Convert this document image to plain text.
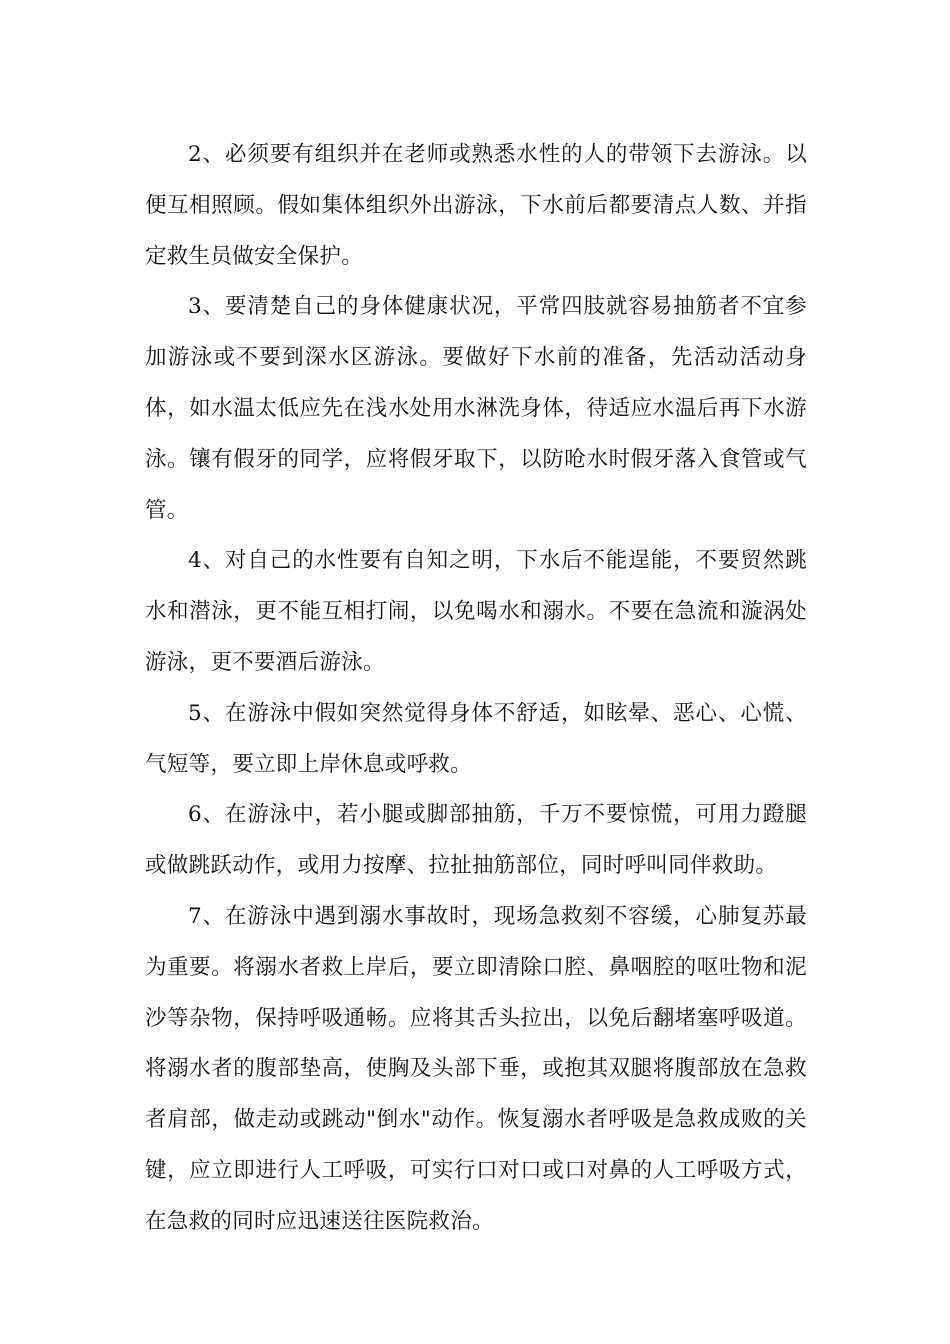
2、必须要有组织并在老师或熟悉水性的人的带领下去游泳。以便互相照顾。假如集体组织外出游泳，下水前后都要清点人数、并指定救生员做安全保护。

3、要清楚自己的身体健康状况，平常四肢就容易抽筋者不宜参加游泳或不要到深水区游泳。要做好下水前的准备，先活动活动身体，如水温太低应先在浅水处用水淋洗身体，待适应水温后再下水游泳。镶有假牙的同学，应将假牙取下，以防呛水时假牙落入食管或气管。

4、对自己的水性要有自知之明，下水后不能逞能，不要贸然跳水和潜泳，更不能互相打闹，以免喝水和溺水。不要在急流和漩涡处游泳，更不要酒后游泳。

5、在游泳中假如突然觉得身体不舒适，如眩晕、恶心、心慌、气短等，要立即上岸休息或呼救。

6、在游泳中，若小腿或脚部抽筋，千万不要惊慌，可用力蹬腿或做跳跃动作，或用力按摩、拉扯抽筋部位，同时呼叫同伴救助。

7、在游泳中遇到溺水事故时，现场急救刻不容缓，心肺复苏最为重要。将溺水者救上岸后，要立即清除口腔、鼻咽腔的呕吐物和泥沙等杂物，保持呼吸通畅。应将其舌头拉出，以免后翻堵塞呼吸道。将溺水者的腹部垫高，使胸及头部下垂，或抱其双腿将腹部放在急救者肩部，做走动或跳动"倒水"动作。恢复溺水者呼吸是急救成败的关键，应立即进行人工呼吸，可实行口对口或口对鼻的人工呼吸方式，在急救的同时应迅速送往医院救治。
